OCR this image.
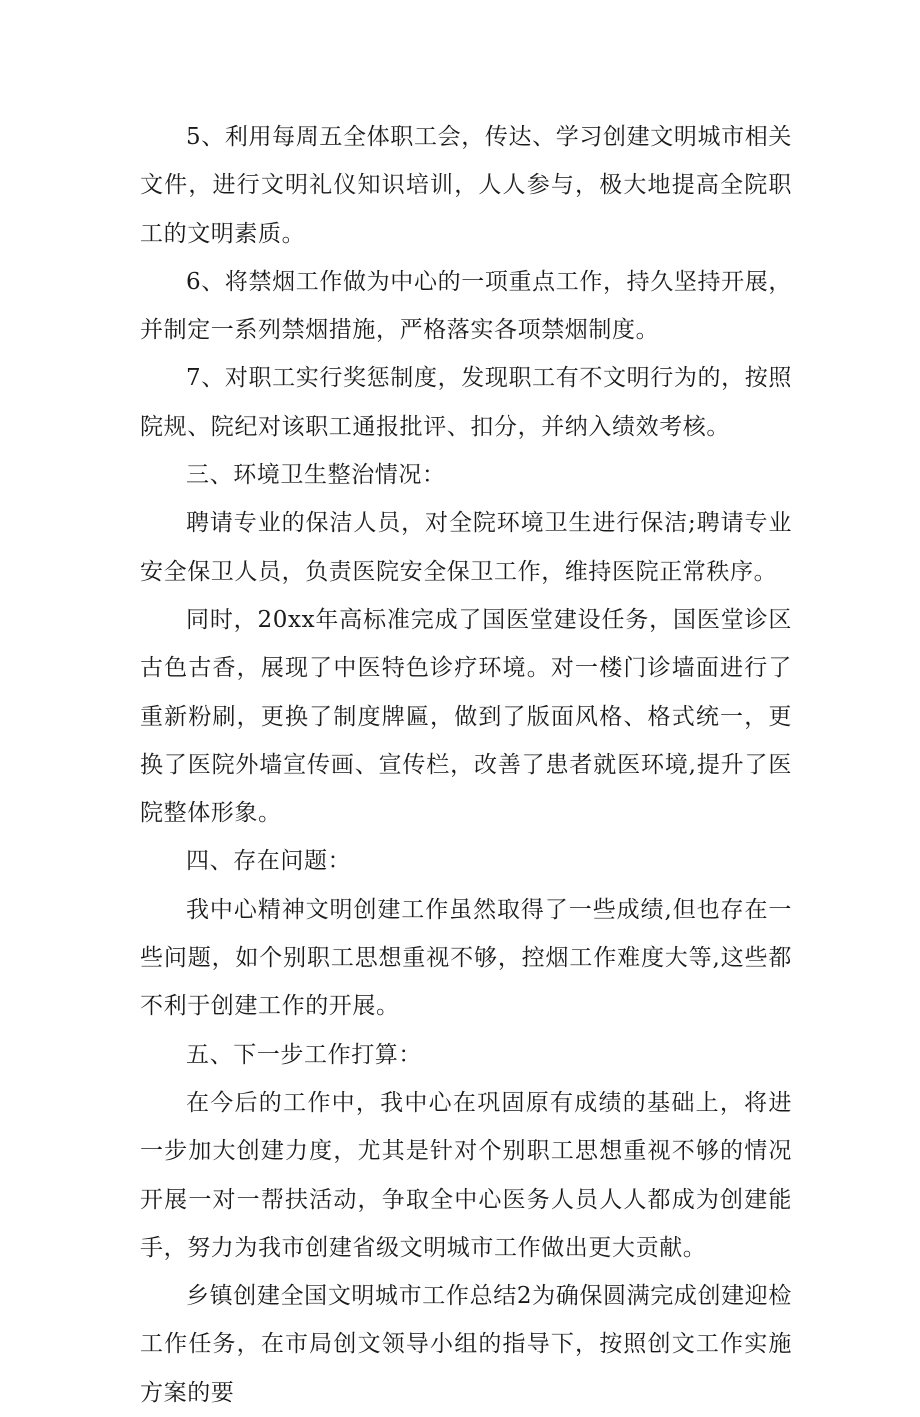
5、利用每周五全体职工会，传达、学习创建文明城市相关文件，进行文明礼仪知识培训，人人参与，极大地提高全院职工的文明素质。

6、将禁烟工作做为中心的一项重点工作，持久坚持开展，并制定一系列禁烟措施，严格落实各项禁烟制度。

7、对职工实行奖惩制度，发现职工有不文明行为的，按照院规、院纪对该职工通报批评、扣分，并纳入绩效考核。

三、环境卫生整治情况：

聘请专业的保洁人员，对全院环境卫生进行保洁;聘请专业安全保卫人员，负责医院安全保卫工作，维持医院正常秩序。

同时，20xx年高标准完成了国医堂建设任务，国医堂诊区古色古香，展现了中医特色诊疗环境。对一楼门诊墙面进行了重新粉刷，更换了制度牌匾，做到了版面风格、格式统一，更换了医院外墙宣传画、宣传栏，改善了患者就医环境,提升了医院整体形象。

四、存在问题：

我中心精神文明创建工作虽然取得了一些成绩,但也存在一些问题，如个别职工思想重视不够，控烟工作难度大等,这些都不利于创建工作的开展。

五、下一步工作打算：

在今后的工作中，我中心在巩固原有成绩的基础上，将进一步加大创建力度，尤其是针对个别职工思想重视不够的情况开展一对一帮扶活动，争取全中心医务人员人人都成为创建能手，努力为我市创建省级文明城市工作做出更大贡献。

乡镇创建全国文明城市工作总结2为确保圆满完成创建迎检工作任务，在市局创文领导小组的指导下，按照创文工作实施方案的要
